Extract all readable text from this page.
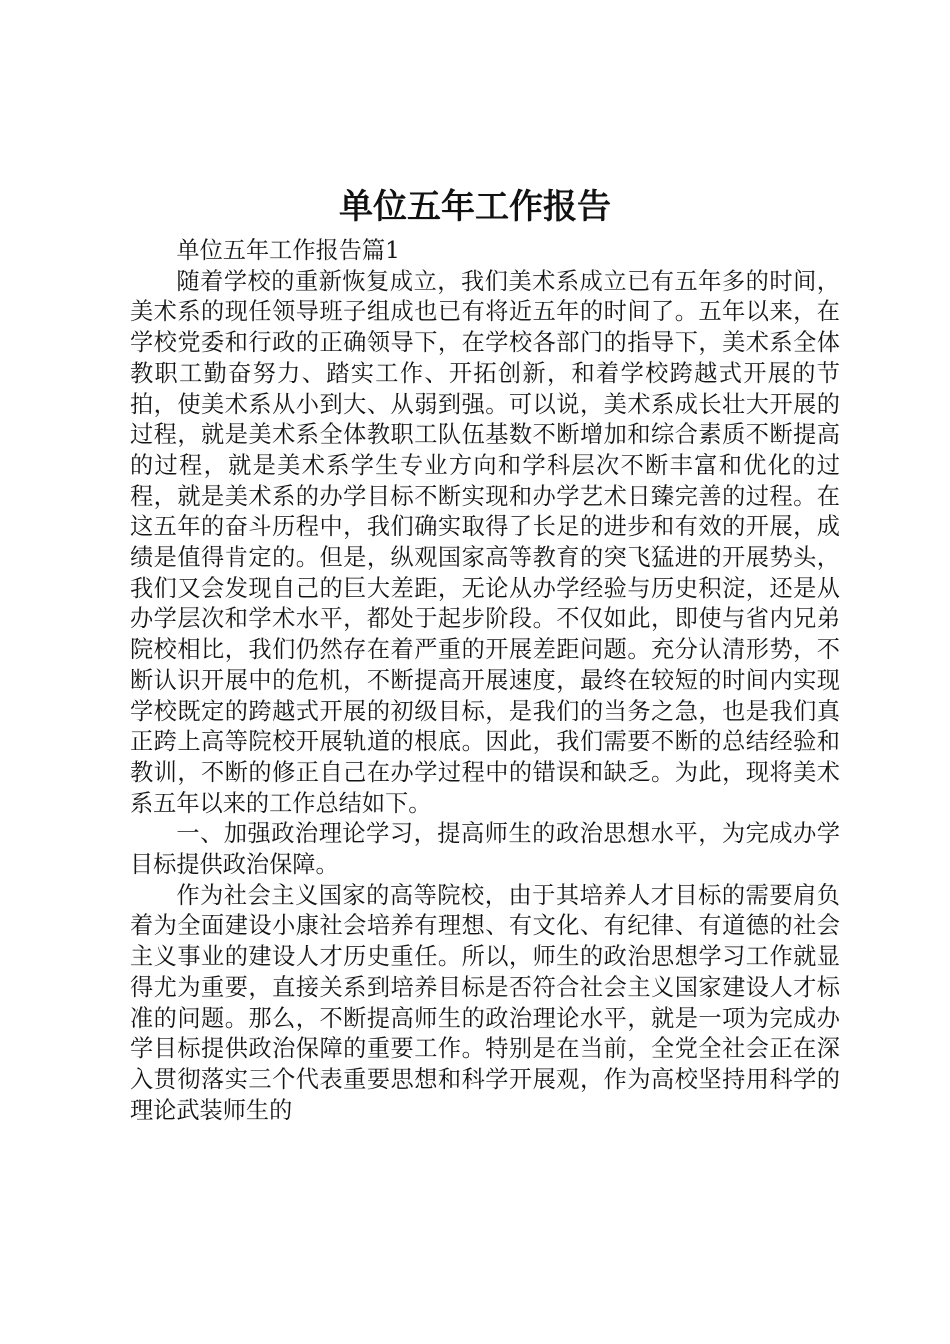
单位五年工作报告

单位五年工作报告篇1

随着学校的重新恢复成立，我们美术系成立已有五年多的时间，美术系的现任领导班子组成也已有将近五年的时间了。五年以来，在学校党委和行政的正确领导下，在学校各部门的指导下，美术系全体教职工勤奋努力、踏实工作、开拓创新，和着学校跨越式开展的节拍，使美术系从小到大、从弱到强。可以说，美术系成长壮大开展的过程，就是美术系全体教职工队伍基数不断增加和综合素质不断提高的过程，就是美术系学生专业方向和学科层次不断丰富和优化的过程，就是美术系的办学目标不断实现和办学艺术日臻完善的过程。在这五年的奋斗历程中，我们确实取得了长足的进步和有效的开展，成绩是值得肯定的。但是，纵观国家高等教育的突飞猛进的开展势头，我们又会发现自己的巨大差距，无论从办学经验与历史积淀，还是从办学层次和学术水平，都处于起步阶段。不仅如此，即使与省内兄弟院校相比，我们仍然存在着严重的开展差距问题。充分认清形势，不断认识开展中的危机，不断提高开展速度，最终在较短的时间内实现学校既定的跨越式开展的初级目标，是我们的当务之急，也是我们真正跨上高等院校开展轨道的根底。因此，我们需要不断的总结经验和教训，不断的修正自己在办学过程中的错误和缺乏。为此，现将美术系五年以来的工作总结如下。

一、加强政治理论学习，提高师生的政治思想水平，为完成办学目标提供政治保障。

作为社会主义国家的高等院校，由于其培养人才目标的需要肩负着为全面建设小康社会培养有理想、有文化、有纪律、有道德的社会主义事业的建设人才历史重任。所以，师生的政治思想学习工作就显得尤为重要，直接关系到培养目标是否符合社会主义国家建设人才标准的问题。那么，不断提高师生的政治理论水平，就是一项为完成办学目标提供政治保障的重要工作。特别是在当前，全党全社会正在深入贯彻落实三个代表重要思想和科学开展观，作为高校坚持用科学的理论武装师生的
